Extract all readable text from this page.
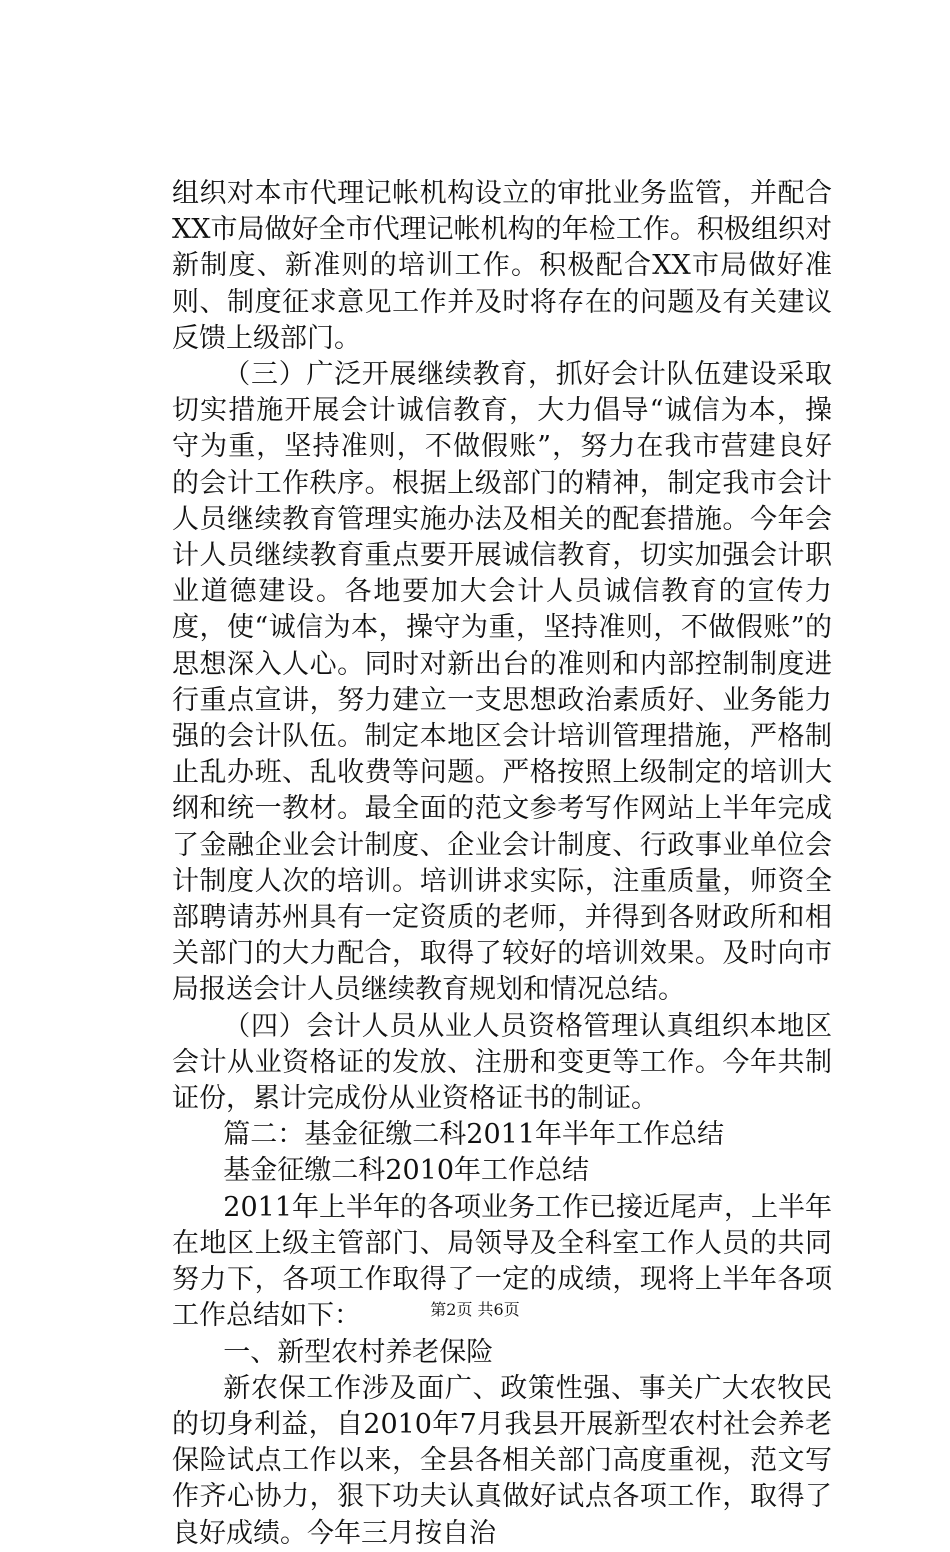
组织对本市代理记帐机构设立的审批业务监管，并配合XX市局做好全市代理记帐机构的年检工作。积极组织对新制度、新准则的培训工作。积极配合XX市局做好准则、制度征求意见工作并及时将存在的问题及有关建议反馈上级部门。

（三）广泛开展继续教育，抓好会计队伍建设采取切实措施开展会计诚信教育，大力倡导“诚信为本，操守为重，坚持准则，不做假账”，努力在我市营建良好的会计工作秩序。根据上级部门的精神，制定我市会计人员继续教育管理实施办法及相关的配套措施。今年会计人员继续教育重点要开展诚信教育，切实加强会计职业道德建设。各地要加大会计人员诚信教育的宣传力度，使“诚信为本，操守为重，坚持准则，不做假账”的思想深入人心。同时对新出台的准则和内部控制制度进行重点宣讲，努力建立一支思想政治素质好、业务能力强的会计队伍。制定本地区会计培训管理措施，严格制止乱办班、乱收费等问题。严格按照上级制定的培训大纲和统一教材。最全面的范文参考写作网站上半年完成了金融企业会计制度、企业会计制度、行政事业单位会计制度人次的培训。培训讲求实际，注重质量，师资全部聘请苏州具有一定资质的老师，并得到各财政所和相关部门的大力配合，取得了较好的培训效果。及时向市局报送会计人员继续教育规划和情况总结。

（四）会计人员从业人员资格管理认真组织本地区会计从业资格证的发放、注册和变更等工作。今年共制证份，累计完成份从业资格证书的制证。

篇二：基金征缴二科2011年半年工作总结

基金征缴二科2010年工作总结

2011年上半年的各项业务工作已接近尾声，上半年在地区上级主管部门、局领导及全科室工作人员的共同努力下，各项工作取得了一定的成绩，现将上半年各项工作总结如下：

一、新型农村养老保险

新农保工作涉及面广、政策性强、事关广大农牧民的切身利益，自2010年7月我县开展新型农村社会养老保险试点工作以来，全县各相关部门高度重视，范文写作齐心协力，狠下功夫认真做好试点各项工作，取得了良好成绩。今年三月按自治

第2页 共6页
